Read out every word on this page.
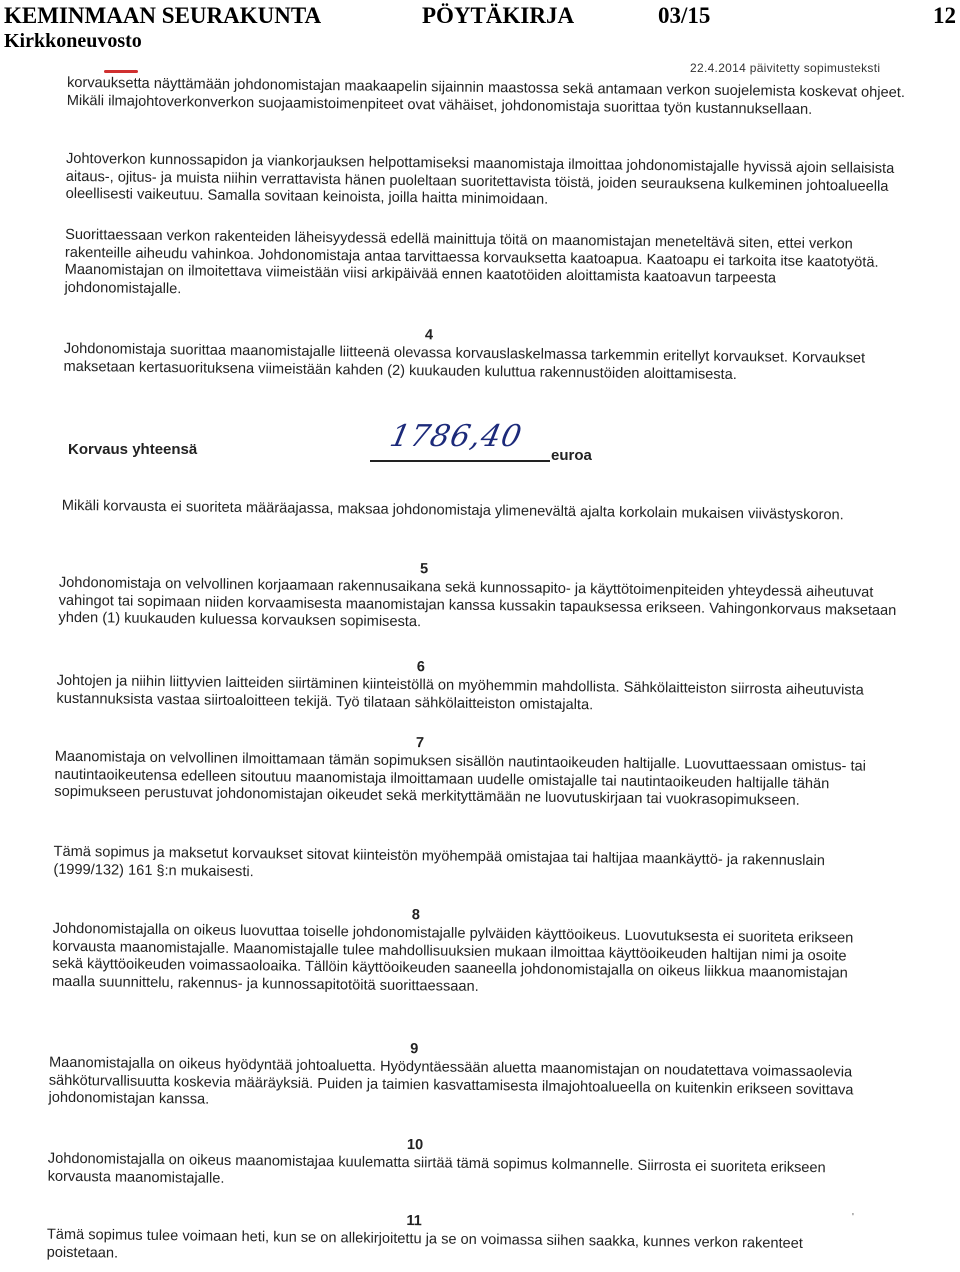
KEMINMAAN SEURAKUNTA
Kirkkoneuvosto
PÖYTÄKIRJA	03/15	12
22.4.2014 päivitetty sopimusteksti
korvauksetta näyttämään johdonomistajan maakaapelin sijainnin maastossa sekä antamaan verkon suojelemista koskevat ohjeet. Mikäli ilmajohtoverkonverkon suojaamistoimenpiteet ovat vähäiset, johdonomistaja suorittaa työn kustannuksellaan.
Johtoverkon kunnossapidon ja viankorjauksen helpottamiseksi maanomistaja ilmoittaa johdonomistajalle hyvissä ajoin sellaisista aitaus-, ojitus- ja muista niihin verrattavista hänen puoleltaan suoritettavista töistä, joiden seurauksena kulkeminen johtoalueella oleellisesti vaikeutuu. Samalla sovitaan keinoista, joilla haitta minimoidaan.
Suorittaessaan verkon rakenteiden läheisyydessä edellä mainittuja töitä on maanomistajan meneteltävä siten, ettei verkon rakenteille aiheudu vahinkoa. Johdonomistaja antaa tarvittaessa korvauksetta kaatoapua. Kaatoapu ei tarkoita itse kaatotyötä. Maanomistajan on ilmoitettava viimeistään viisi arkipäivää ennen kaatotöiden aloittamista kaatoavun tarpeesta johdonomistajalle.
4
Johdonomistaja suorittaa maanomistajalle liitteenä olevassa korvauslaskelmassa tarkemmin eritellyt korvaukset. Korvaukset maksetaan kertasuorituksena viimeistään kahden (2) kuukauden kuluttua rakennustöiden aloittamisesta.
Mikäli korvausta ei suoriteta määräajassa, maksaa johdonomistaja ylimenevältä ajalta korkolain mukaisen viivästyskoron.
5
Johdonomistaja on velvollinen korjaamaan rakennusaikana sekä kunnossapito- ja käyttötoimenpiteiden yhteydessä aiheutuvat vahingot tai sopimaan niiden korvaamisesta maanomistajan kanssa kussakin tapauksessa erikseen. Vahingonkorvaus maksetaan yhden (1) kuukauden kuluessa korvauksen sopimisesta.
6
Johtojen ja niihin liittyvien laitteiden siirtäminen kiinteistöllä on myöhemmin mahdollista. Sähkölaitteiston siirrosta aiheutuvista kustannuksista vastaa siirtoaloitteen tekijä. Työ tilataan sähkölaitteiston omistajalta.
7
Maanomistaja on velvollinen ilmoittamaan tämän sopimuksen sisällön nautintaoikeuden haltijalle. Luovuttaessaan omistus- tai nautintaoikeutensa edelleen sitoutuu maanomistaja ilmoittamaan uudelle omistajalle tai nautintaoikeuden haltijalle tähän sopimukseen perustuvat johdonomistajan oikeudet sekä merkityttämään ne luovutuskirjaan tai vuokrasopimukseen.
Tämä sopimus ja maksetut korvaukset sitovat kiinteistön myöhempää omistajaa tai haltijaa maankäyttö- ja rakennuslain (1999/132) 161 §:n mukaisesti.
8
Johdonomistajalla on oikeus luovuttaa toiselle johdonomistajalle pylväiden käyttöoikeus. Luovutuksesta ei suoriteta erikseen korvausta maanomistajalle. Maanomistajalle tulee mahdollisuuksien mukaan ilmoittaa käyttöoikeuden haltijan nimi ja osoite sekä käyttöoikeuden voimassaoloaika. Tällöin käyttöoikeuden saaneella johdonomistajalla on oikeus liikkua maanomistajan maalla suunnittelu, rakennus- ja kunnossapitotöitä suorittaessaan.
9
Maanomistajalla on oikeus hyödyntää johtoaluetta. Hyödyntäessään aluetta maanomistajan on noudatettava voimassaolevia sähköturvallisuutta koskevia määräyksiä. Puiden ja taimien kasvattamisesta ilmajohtoalueella on kuitenkin erikseen sovittava johdonomistajan kanssa.
10
Johdonomistajalla on oikeus maanomistajaa kuulematta siirtää tämä sopimus kolmannelle. Siirrosta ei suoriteta erikseen korvausta maanomistajalle.
11
Tämä sopimus tulee voimaan heti, kun se on allekirjoitettu ja se on voimassa siihen saakka, kunnes verkon rakenteet poistetaan.
Korvaus yhteensä	1786,40
euroa
'
